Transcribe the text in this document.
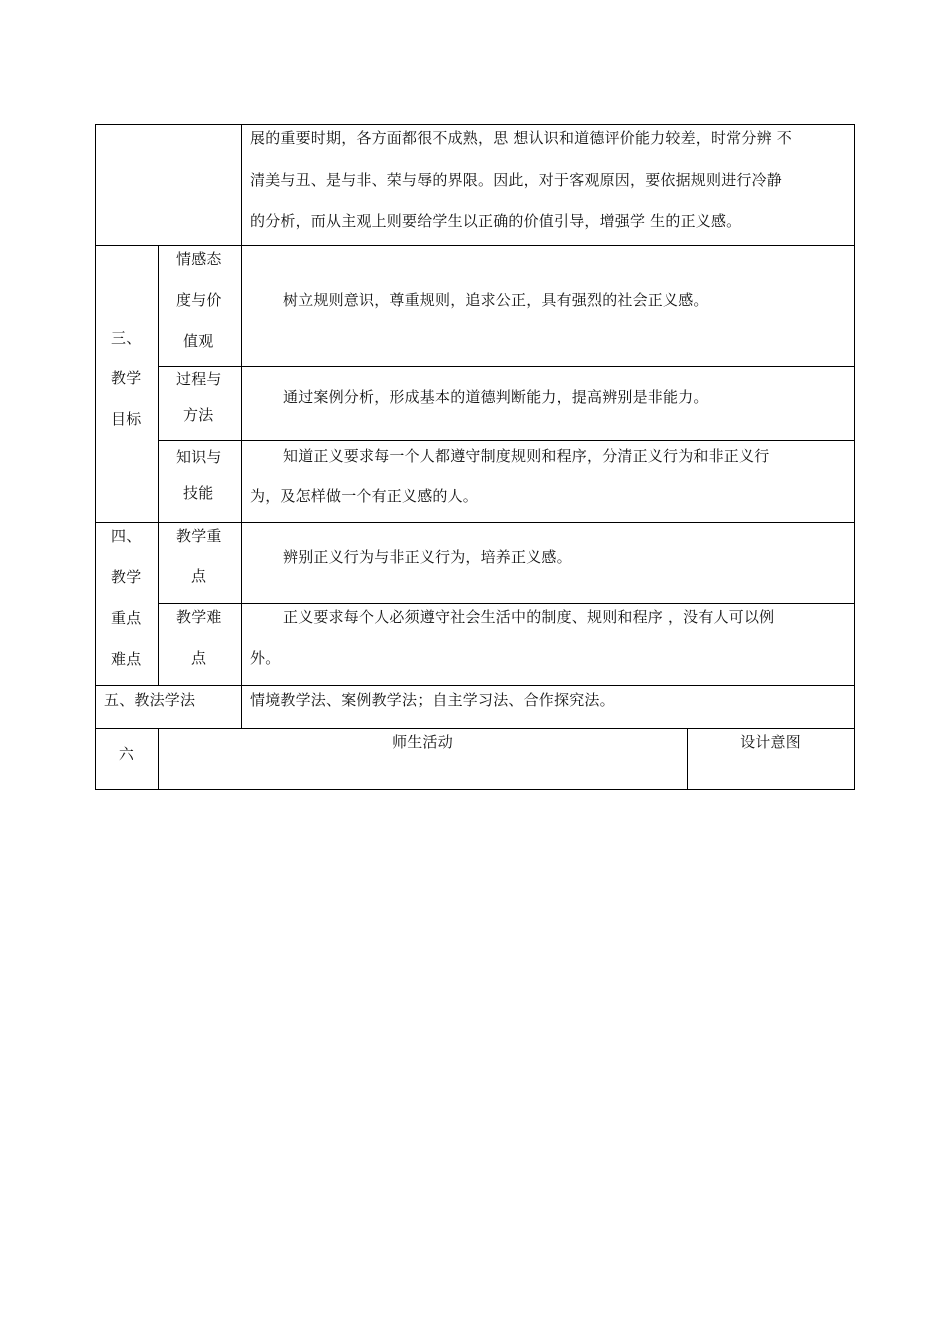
展的重要时期，各方面都很不成熟，思 想认识和道德评价能力较差，时常分辨 不
清美与丑、是与非、荣与辱的界限。因此，对于客观原因，要依据规则进行冷静
的分析，而从主观上则要给学生以正确的价值引导，增强学 生的正义感。
三、
教学
目标
情感态
度与价
值观
树立规则意识，尊重规则，追求公正，具有强烈的社会正义感。
过程与
方法
通过案例分析，形成基本的道德判断能力，提高辨别是非能力。
知识与
技能
知道正义要求每一个人都遵守制度规则和程序，分清正义行为和非正义行
为，及怎样做一个有正义感的人。
四、
教学
重点
难点
教学重
点
辨别正义行为与非正义行为，培养正义感。
教学难
点
正义要求每个人必须遵守社会生活中的制度、规则和程序 ，没有人可以例
外。
五、教法学法	情境教学法、案例教学法；自主学习法、合作探究法。
六
师生活动	设计意图
